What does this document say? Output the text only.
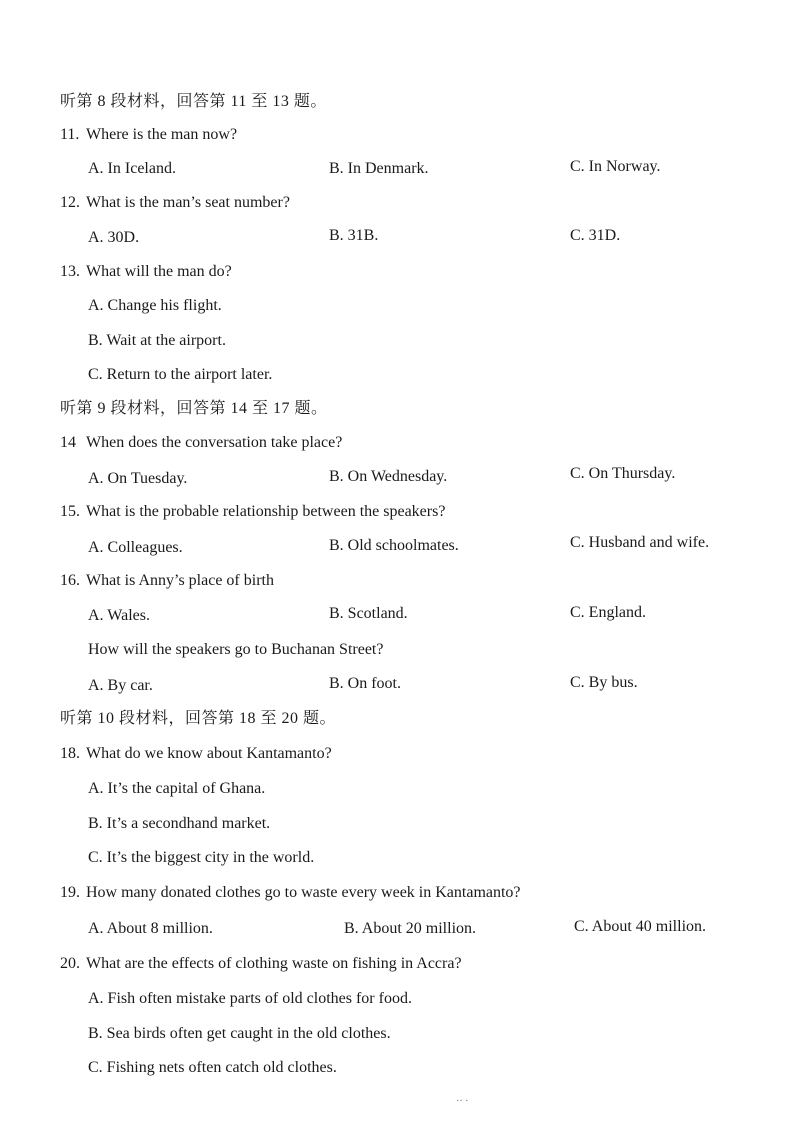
听第 8 段材料，回答第 11 至 13 题。
11. Where is the man now?
A. In Iceland.	B. In Denmark.	C. In Norway.
12. What is the man’s seat number?
A. 30D.	B. 31B.	C. 31D.
13. What will the man do?
A. Change his flight.
B. Wait at the airport.
C. Return to the airport later.
听第 9 段材料，回答第 14 至 17 题。
14 When does the conversation take place?
A. On Tuesday.	B. On Wednesday.	C. On Thursday.
15. What is the probable relationship between the speakers?
A. Colleagues.	B. Old schoolmates.	C. Husband and wife.
16. What is Anny’s place of birth
A. Wales.	B. Scotland.	C. England.
How will the speakers go to Buchanan Street?
A. By car.	B. On foot.	C. By bus.
听第 10 段材料，回答第 18 至 20 题。
18. What do we know about Kantamanto?
A. It’s the capital of Ghana.
B. It’s a secondhand market.
C. It’s the biggest city in the world.
19. How many donated clothes go to waste every week in Kantamanto?
A. About 8 million.	B. About 20 million.	C. About 40 million.
20. What are the effects of clothing waste on fishing in Accra?
A. Fish often mistake parts of old clothes for food.
B. Sea birds often get caught in the old clothes.
C. Fishing nets often catch old clothes.
·· ·
